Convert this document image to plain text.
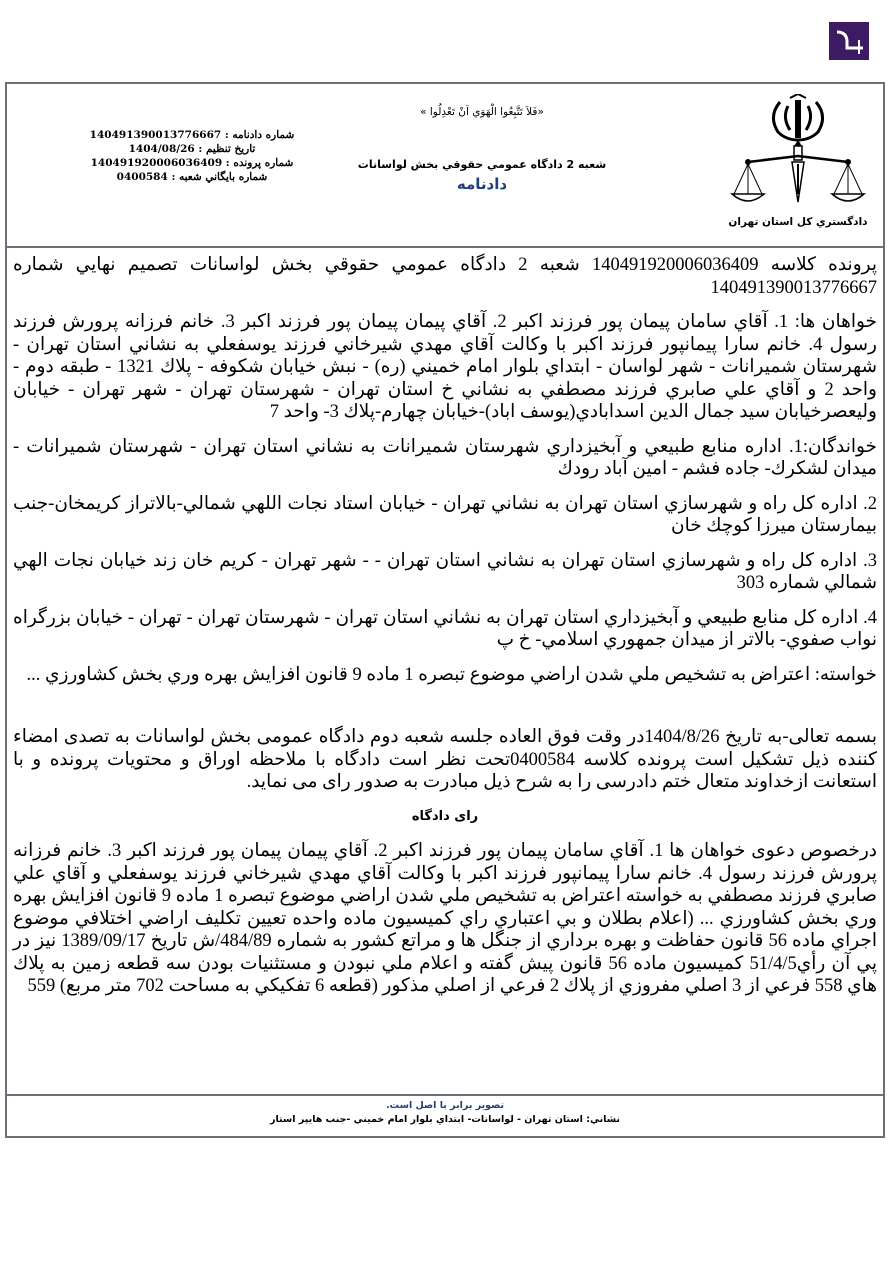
دادگستري كل استان تهران
«فَلاَ تَتَّبِعُوا الْهَوَي اَنْ تَعْدِلُوا »
شعبه 2 دادگاه عمومي حقوقي بخش لواسانات
دادنامه
شماره دادنامه : 140491390013776667
تاريخ تنظيم : 1404/08/26
شماره پرونده : 140491920006036409
شماره بايگاني شعبه : 0400584

پرونده كلاسه 140491920006036409 شعبه 2 دادگاه عمومي حقوقي بخش لواسانات تصميم نهايي شماره 140491390013776667

خواهان ها: 1. آقاي سامان پيمان پور فرزند اكبر 2. آقاي پيمان پيمان پور فرزند اكبر 3. خانم فرزانه پرورش فرزند رسول 4. خانم سارا پيمانپور فرزند اكبر با وكالت آقاي مهدي شيرخاني فرزند يوسفعلي به نشاني استان تهران - شهرستان شميرانات - شهر لواسان - ابتداي بلوار امام خميني (ره) - نبش خيابان شكوفه - پلاك 1321 - طبقه دوم - واحد 2 و آقاي علي صابري فرزند مصطفي به نشاني خ استان تهران - شهرستان تهران - شهر تهران - خيابان وليعصرخيابان سيد جمال الدين اسدابادي(يوسف اباد)-خيابان چهارم-پلاك 3- واحد 7

خواندگان:1. اداره منابع طبيعي و آبخيزداري شهرستان شميرانات به نشاني استان تهران - شهرستان شميرانات - ميدان لشكرك- جاده فشم - امين آباد رودك

2. اداره كل راه و شهرسازي استان تهران به نشاني تهران - خيابان استاد نجات اللهي شمالي-بالاتراز كريمخان-جنب بيمارستان ميرزا كوچك خان

3. اداره كل راه و شهرسازي استان تهران به نشاني استان تهران - - شهر تهران - كريم خان زند خيابان نجات الهي شمالي شماره 303

4. اداره كل منابع طبيعي و آبخيزداري استان تهران به نشاني استان تهران - شهرستان تهران - تهران - خيابان بزرگراه نواب صفوي- بالاتر از ميدان جمهوري اسلامي- خ پ

خواسته: اعتراض به تشخيص ملي شدن اراضي موضوع تبصره 1 ماده 9 قانون افزايش بهره وري بخش كشاورزي ...

بسمه تعالی-به تاریخ 1404/8/26در وقت فوق العاده جلسه شعبه دوم دادگاه عمومی بخش لواسانات به تصدی امضاء کننده ذیل تشکیل است پرونده کلاسه 0400584تحت نظر است دادگاه با ملاحظه اوراق و محتویات پرونده و با استعانت ازخداوند متعال ختم دادرسی را به شرح ذیل مبادرت به صدور رای می نماید.

رای دادگاه

درخصوص دعوی خواهان ها 1. آقاي سامان پيمان پور فرزند اكبر 2. آقاي پيمان پيمان پور فرزند اكبر 3. خانم فرزانه پرورش فرزند رسول 4. خانم سارا پيمانپور فرزند اكبر با وكالت آقاي مهدي شيرخاني فرزند يوسفعلي و آقاي علي صابري فرزند مصطفي به خواسته اعتراض به تشخيص ملي شدن اراضي موضوع تبصره 1 ماده 9 قانون افزايش بهره وري بخش كشاورزي ... (اعلام بطلان و بي اعتباري راي كميسيون ماده واحده تعيين تكليف اراضي اختلافي موضوع اجراي ماده 56 قانون حفاظت و بهره برداري از جنگل ها و مراتع كشور به شماره 484/89/ش تاريخ 1389/09/17 نيز در پي آن رأي51/4/5 كميسيون ماده 56 قانون پيش گفته و اعلام ملي نبودن و مستثنيات بودن سه قطعه زمين به پلاك هاي 558 فرعي از 3 اصلي مفروزي از پلاك 2 فرعي از اصلي مذكور (قطعه 6 تفكيكي به مساحت 702 متر مربع) 559

تصوير برابر با اصل است.
نشاني: استان تهران - لواسانات- ابتداي بلوار امام خميني -جنب هايپر استار
